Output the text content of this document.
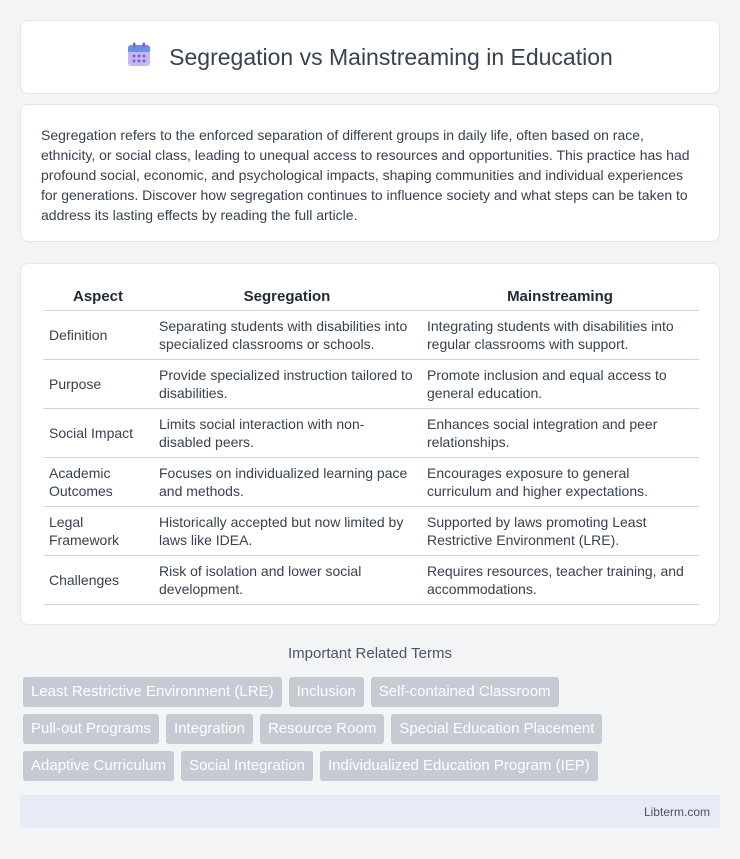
Segregation vs Mainstreaming in Education

Segregation refers to the enforced separation of different groups in daily life, often based on race, ethnicity, or social class, leading to unequal access to resources and opportunities. This practice has had profound social, economic, and psychological impacts, shaping communities and individual experiences for generations. Discover how segregation continues to influence society and what steps can be taken to address its lasting effects by reading the full article.

Aspect	Segregation	Mainstreaming
Definition	Separating students with disabilities into specialized classrooms or schools.	Integrating students with disabilities into regular classrooms with support.
Purpose	Provide specialized instruction tailored to disabilities.	Promote inclusion and equal access to general education.
Social Impact	Limits social interaction with non-disabled peers.	Enhances social integration and peer relationships.
Academic Outcomes	Focuses on individualized learning pace and methods.	Encourages exposure to general curriculum and higher expectations.
Legal Framework	Historically accepted but now limited by laws like IDEA.	Supported by laws promoting Least Restrictive Environment (LRE).
Challenges	Risk of isolation and lower social development.	Requires resources, teacher training, and accommodations.
Important Related Terms
Least Restrictive Environment (LRE)	Inclusion	Self-contained Classroom
Pull-out Programs	Integration	Resource Room	Special Education Placement
Adaptive Curriculum	Social Integration	Individualized Education Program (IEP)
Libterm.com
